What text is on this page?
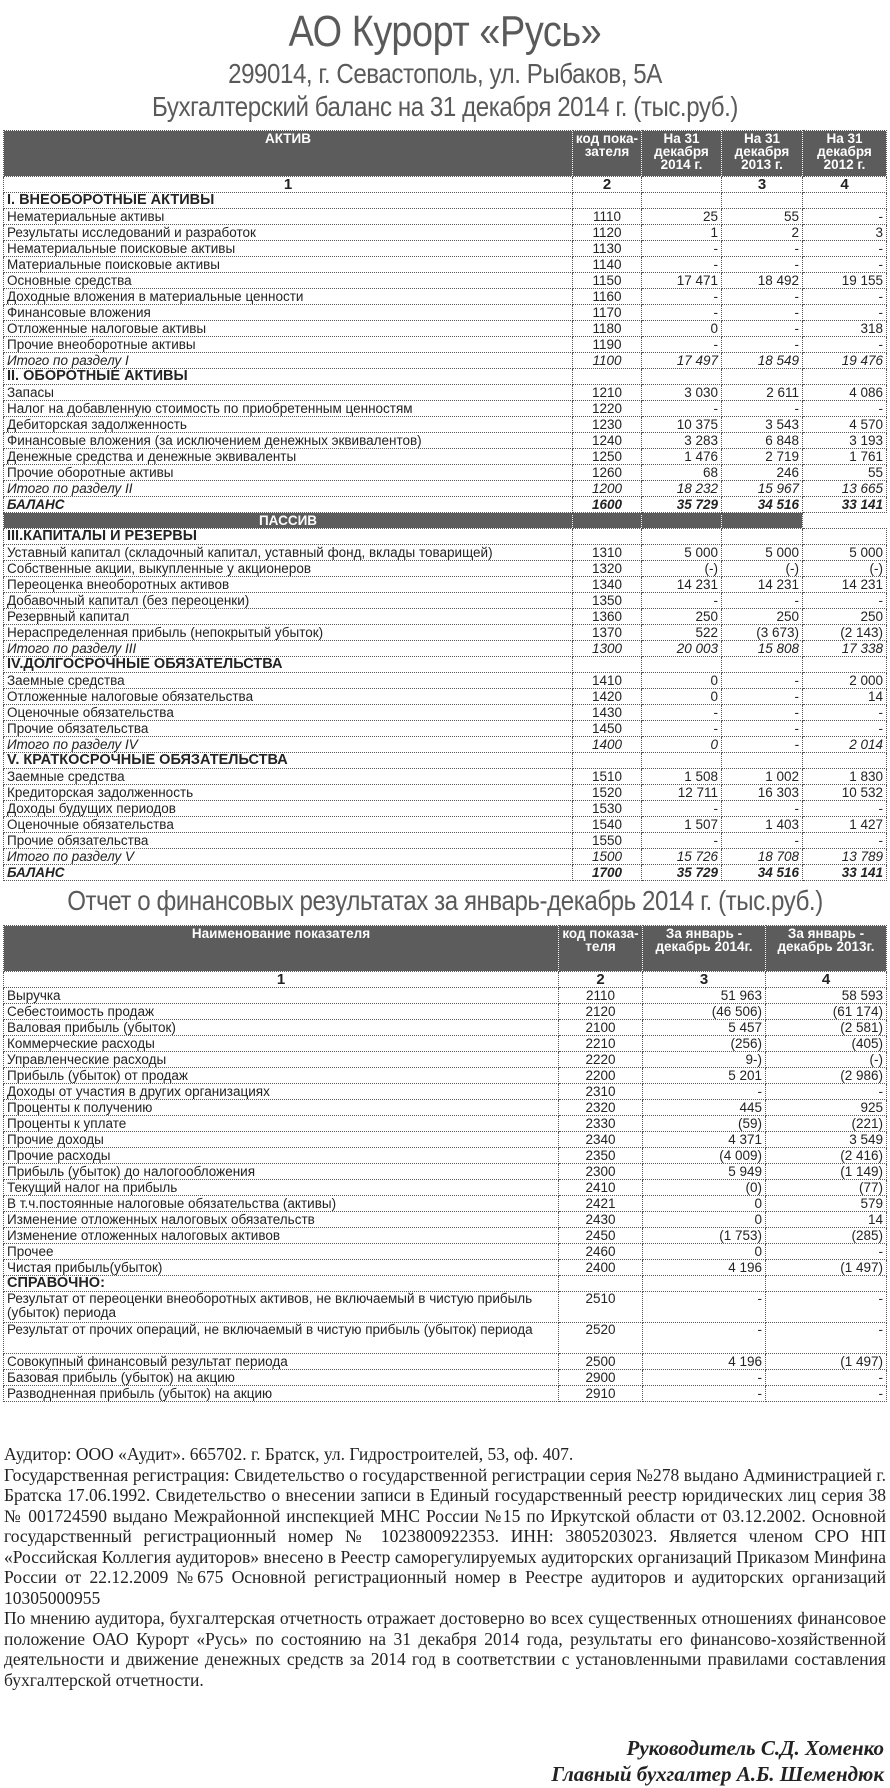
АО Курорт «Русь»
299014, г. Севастополь, ул. Рыбаков, 5А
Бухгалтерский баланс на 31 декабря 2014 г. (тыс.руб.)
АКТИВ	код пока-зателя	На 31 декабря 2014 г.	На 31 декабря 2013 г.	На 31 декабря 2012 г.
1	2		3	4
I. ВНЕОБОРОТНЫЕ АКТИВЫ				
Нематериальные активы	1110	25	55	-
Результаты исследований и разработок	1120	1	2	3
Нематериальные поисковые активы	1130	-	-	-
Материальные поисковые активы	1140	-	-	-
Основные средства	1150	17 471	18 492	19 155
Доходные вложения в материальные ценности	1160	-	-	-
Финансовые вложения	1170	-	-	-
Отложенные налоговые активы	1180	0	-	318
Прочие внеоборотные активы	1190	-	-	-
Итого по разделу I	1100	17 497	18 549	19 476
II. ОБОРОТНЫЕ АКТИВЫ				
Запасы	1210	3 030	2 611	4 086
Налог на добавленную стоимость по приобретенным ценностям	1220	-	-	-
Дебиторская задолженность	1230	10 375	3 543	4 570
Финансовые вложения (за исключением денежных эквивалентов)	1240	3 283	6 848	3 193
Денежные средства и денежные эквиваленты	1250	1 476	2 719	1 761
Прочие оборотные активы	1260	68	246	55
Итого по разделу II	1200	18 232	15 967	13 665
БАЛАНС	1600	35 729	34 516	33 141
ПАССИВ				
III.КАПИТАЛЫ И РЕЗЕРВЫ				
Уставный капитал (складочный капитал, уставный фонд, вклады товарищей)	1310	5 000	5 000	5 000
Собственные акции, выкупленные у акционеров	1320	(-)	(-)	(-)
Переоценка внеоборотных активов	1340	14 231	14 231	14 231
Добавочный капитал (без переоценки)	1350	-	-	-
Резервный капитал	1360	250	250	250
Нераспределенная прибыль (непокрытый убыток)	1370	522	(3 673)	(2 143)
Итого по разделу III	1300	20 003	15 808	17 338
IV.ДОЛГОСРОЧНЫЕ ОБЯЗАТЕЛЬСТВА				
Заемные средства	1410	0	-	2 000
Отложенные налоговые обязательства	1420	0	-	14
Оценочные обязательства	1430	-	-	-
Прочие обязательства	1450	-	-	-
Итого по разделу IV	1400	0	-	2 014
V. КРАТКОСРОЧНЫЕ ОБЯЗАТЕЛЬСТВА				
Заемные средства	1510	1 508	1 002	1 830
Кредиторская задолженность	1520	12 711	16 303	10 532
Доходы будущих периодов	1530	-	-	-
Оценочные обязательства	1540	1 507	1 403	1 427
Прочие обязательства	1550	-	-	-
Итого по разделу V	1500	15 726	18 708	13 789
БАЛАНС	1700	35 729	34 516	33 141
Отчет о финансовых результатах за январь-декабрь 2014 г. (тыс.руб.)
Наименование показателя	код показа-теля	За январь - декабрь 2014г.	За январь - декабрь 2013г.
1	2	3	4
Выручка	2110	51 963	58 593
Себестоимость продаж	2120	(46 506)	(61 174)
Валовая прибыль (убыток)	2100	5 457	(2 581)
Коммерческие расходы	2210	(256)	(405)
Управленческие расходы	2220	9-)	(-)
Прибыль (убыток) от продаж	2200	5 201	(2 986)
Доходы от участия в других организациях	2310	-	-
Проценты к получению	2320	445	925
Проценты к уплате	2330	(59)	(221)
Прочие доходы	2340	4 371	3 549
Прочие расходы	2350	(4 009)	(2 416)
Прибыль (убыток) до налогообложения	2300	5 949	(1 149)
Текущий налог на прибыль	2410	(0)	(77)
В т.ч.постоянные налоговые обязательства (активы)	2421	0	579
Изменение отложенных налоговых обязательств	2430	0	14
Изменение отложенных налоговых активов	2450	(1 753)	(285)
Прочее	2460	0	-
Чистая прибыль(убыток)	2400	4 196	(1 497)
СПРАВОЧНО:			
Результат от переоценки внеоборотных активов, не включаемый в чистую прибыль (убыток) периода	2510	-	-
Результат от прочих операций, не включаемый в чистую прибыль (убыток) периода	2520	-	-
Совокупный финансовый результат периода	2500	4 196	(1 497)
Базовая прибыль (убыток) на акцию	2900	-	-
Разводненная прибыль (убыток) на акцию	2910	-	-

Аудитор: ООО «Аудит». 665702. г. Братск, ул. Гидростроителей, 53, оф. 407.

Государственная регистрация: Свидетельство о государственной регистрации серия №278 выдано Администрацией г. Братска 17.06.1992. Свидетельство о внесении записи в Единый государственный реестр юридических лиц серия 38 № 001724590 выдано Межрайонной инспекцией МНС России №15 по Иркутской области от 03.12.2002. Основной государственный регистрационный номер № 1023800922353. ИНН: 3805203023. Является членом СРО НП «Российская Коллегия аудиторов» внесено в Реестр саморегулируемых аудиторских организаций Приказом Минфина России от 22.12.2009 №675 Основной регистрационный номер в Реестре аудиторов и аудиторских организаций 10305000955

По мнению аудитора, бухгалтерская отчетность отражает достоверно во всех существенных отношениях финансовое положение ОАО Курорт «Русь» по состоянию на 31 декабря 2014 года, результаты его финансово-хозяйственной деятельности и движение денежных средств за 2014 год в соответствии с установленными правилами составления бухгалтерской отчетности.

Руководитель С.Д. Хоменко
Главный бухгалтер А.Б. Шемендюк
